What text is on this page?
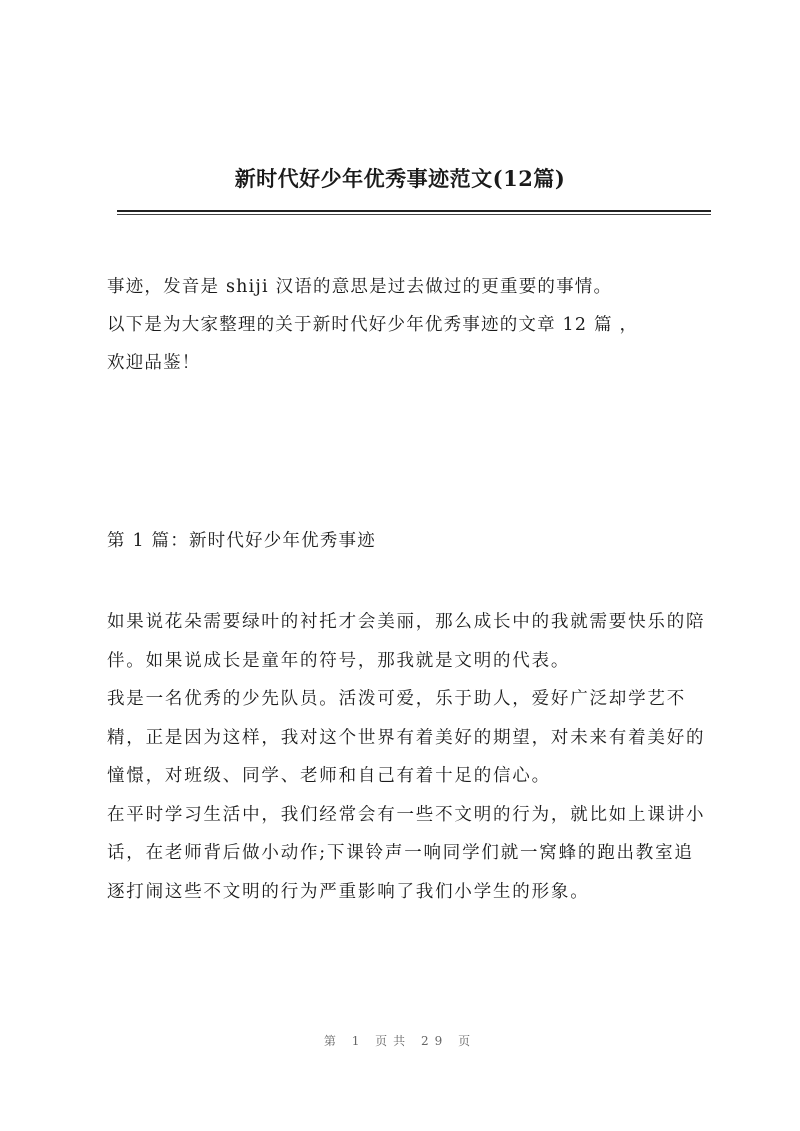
新时代好少年优秀事迹范文(12篇)

事迹，发音是 shiji 汉语的意思是过去做过的更重要的事情。

以下是为大家整理的关于新时代好少年优秀事迹的文章 12 篇 ，

欢迎品鉴！

第 1 篇：新时代好少年优秀事迹

如果说花朵需要绿叶的衬托才会美丽，那么成长中的我就需要快乐的陪伴。如果说成长是童年的符号，那我就是文明的代表。

我是一名优秀的少先队员。活泼可爱，乐于助人，爱好广泛却学艺不精，正是因为这样，我对这个世界有着美好的期望，对未来有着美好的憧憬，对班级、同学、老师和自己有着十足的信心。

在平时学习生活中，我们经常会有一些不文明的行为，就比如上课讲小话，在老师背后做小动作;下课铃声一响同学们就一窝蜂的跑出教室追逐打闹这些不文明的行为严重影响了我们小学生的形象。

第 1 页共 29 页
